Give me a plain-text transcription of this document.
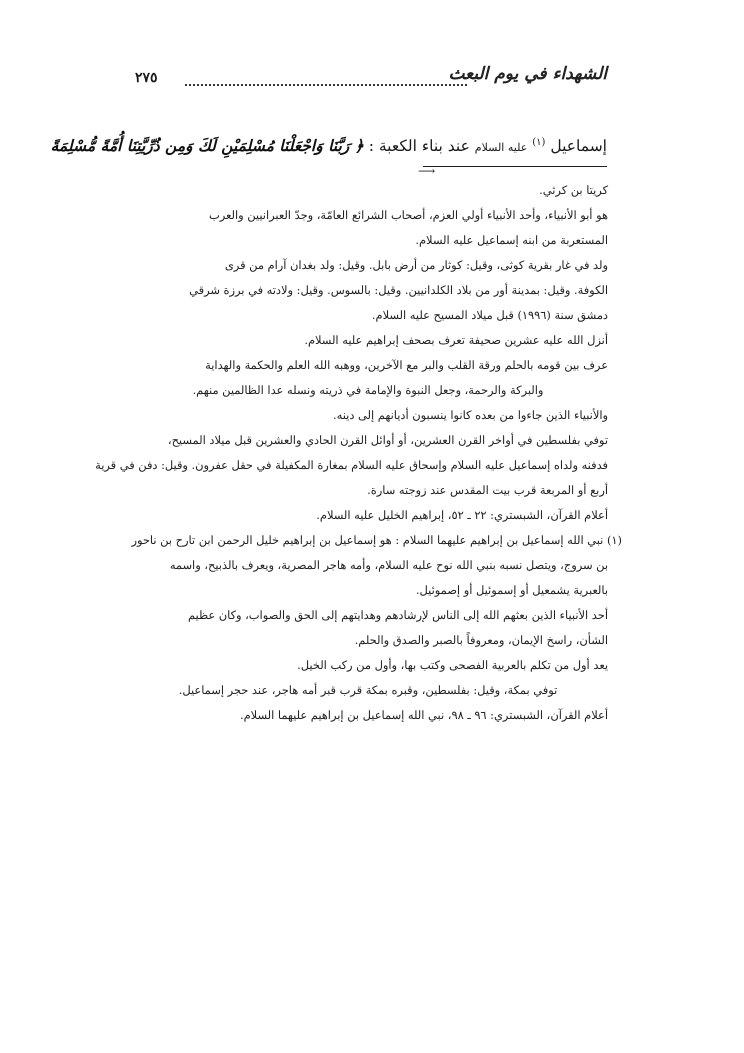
الشهداء في يوم البعث
٢٧٥
إسماعيل $^{(١)}$ عليه السلام عند بناء الكعبة : ﴿ رَبَّنَا وَاجْعَلْنَا مُسْلِمَيْنِ لَكَ وَمِن ذُرِّيَّتِنَا أُمَّةً مُّسْلِمَةً
⟶
كريتا بن كرثي.
هو أبو الأنبياء، وأحد الأنبياء أولي العزم، أصحاب الشرائع العامّة، وجدّ العبرانيين والعرب
المستعربة من ابنه إسماعيل عليه السلام.
ولد في غار بقرية كوثى، وقيل: كوثار من أرض بابل. وقيل: ولد بغدان آرام من قرى
الكوفة. وقيل: بمدينة أور من بلاد الكلدانيين. وقيل: بالسوس. وقيل: ولادته في برزة شرقي
دمشق سنة (١٩٩٦) قبل ميلاد المسيح عليه السلام.
أنزل الله عليه عشرين صحيفة تعرف بصحف إبراهيم عليه السلام.
عرف بين قومه بالحلم ورقة القلب والبر مع الآخرين، ووهبه الله العلم والحكمة والهداية
والبركة والرحمة، وجعل النبوة والإمامة في ذريته ونسله عدا الظالمين منهم.
والأنبياء الذين جاءوا من بعده كانوا ينسبون أديانهم إلى دينه.
توفي بفلسطين في أواخر القرن العشرين، أو أوائل القرن الحادي والعشرين قبل ميلاد المسيح،
فدفنه ولداه إسماعيل عليه السلام وإسحاق عليه السلام بمغارة المكفيلة في حقل عفرون. وقيل: دفن في قرية
أربع أو المربعة قرب بيت المقدس عند زوجته سارة.
أعلام القرآن، الشبستري: ٢٢ ـ ٥٢، إبراهيم الخليل عليه السلام.
(١) نبي الله إسماعيل بن إبراهيم عليهما السلام : هو إسماعيل بن إبراهيم خليل الرحمن ابن تارح بن ناحور
بن سروج، ويتصل نسبه بنبي الله نوح عليه السلام، وأمه هاجر المصرية، ويعرف بالذبيح، واسمه
بالعبرية يشمعيل أو إسموئيل أو إصموئيل.
أحد الأنبياء الذين بعثهم الله إلى الناس لإرشادهم وهدايتهم إلى الحق والصواب، وكان عظيم
الشأن، راسخ الإيمان، ومعروفاً بالصبر والصدق والحلم.
يعد أول من تكلم بالعربية الفصحى وكتب بها، وأول من ركب الخيل.
توفي بمكة، وقيل: بفلسطين، وقبره بمكة قرب قبر أمه هاجر، عند حجر إسماعيل.
أعلام القرآن، الشبستري: ٩٦ ـ ٩٨، نبي الله إسماعيل بن إبراهيم عليهما السلام.
